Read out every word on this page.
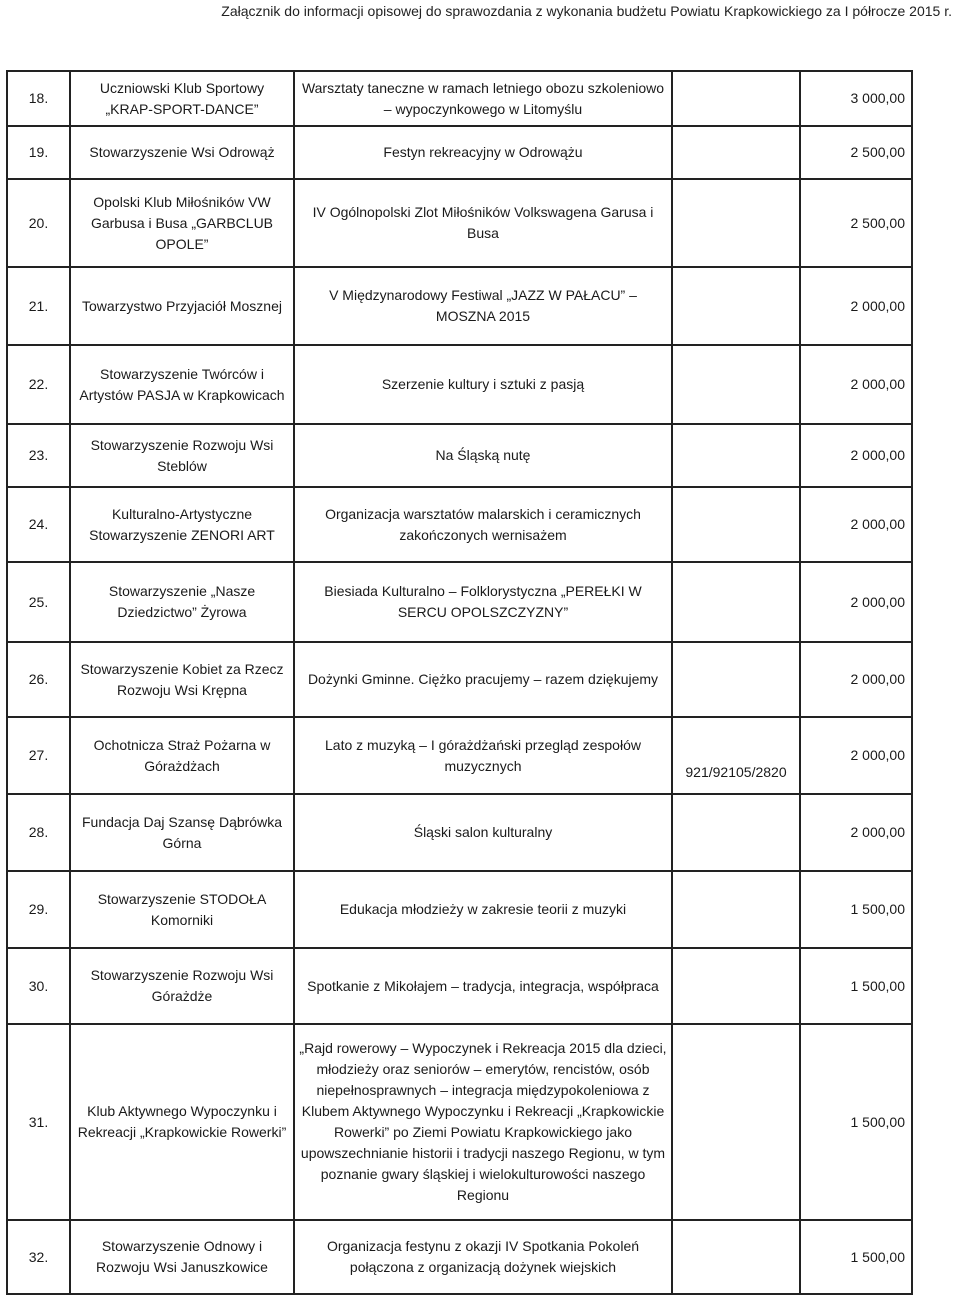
Załącznik do informacji opisowej do sprawozdania z wykonania budżetu Powiatu Krapkowickiego za I półrocze 2015 r.
18.	Uczniowski Klub Sportowy „KRAP-SPORT-DANCE”	Warsztaty taneczne w ramach letniego obozu szkoleniowo – wypoczynkowego w Litomyślu		3 000,00
19.	Stowarzyszenie Wsi Odrowąż	Festyn rekreacyjny w Odrowążu		2 500,00
20.	Opolski Klub Miłośników VW Garbusa i Busa „GARBCLUB OPOLE”	IV Ogólnopolski Zlot Miłośników Volkswagena Garusa i Busa		2 500,00
21.	Towarzystwo Przyjaciół Mosznej	V Międzynarodowy Festiwal „JAZZ W PAŁACU” – MOSZNA 2015		2 000,00
22.	Stowarzyszenie Twórców i Artystów PASJA w Krapkowicach	Szerzenie kultury i sztuki z pasją		2 000,00
23.	Stowarzyszenie Rozwoju Wsi Steblów	Na Śląską nutę		2 000,00
24.	Kulturalno-Artystyczne Stowarzyszenie ZENORI ART	Organizacja warsztatów malarskich i ceramicznych zakończonych wernisażem		2 000,00
25.	Stowarzyszenie „Nasze Dziedzictwo” Żyrowa	Biesiada Kulturalno – Folklorystyczna „PEREŁKI W SERCU OPOLSZCZYZNY”		2 000,00
26.	Stowarzyszenie Kobiet za Rzecz Rozwoju Wsi Krępna	Dożynki Gminne. Ciężko pracujemy – razem dziękujemy		2 000,00
27.	Ochotnicza Straż Pożarna w Górażdżach	Lato z muzyką – I górażdżański przegląd zespołów muzycznych	921/92105/2820	2 000,00
28.	Fundacja Daj Szansę Dąbrówka Górna	Śląski salon kulturalny		2 000,00
29.	Stowarzyszenie STODOŁA Komorniki	Edukacja młodzieży w zakresie teorii z muzyki		1 500,00
30.	Stowarzyszenie Rozwoju Wsi Górażdże	Spotkanie z Mikołajem – tradycja, integracja, współpraca		1 500,00
31.	Klub Aktywnego Wypoczynku i Rekreacji „Krapkowickie Rowerki”	„Rajd rowerowy – Wypoczynek i Rekreacja 2015 dla dzieci, młodzieży oraz seniorów – emerytów, rencistów, osób niepełnosprawnych – integracja międzypokoleniowa z Klubem Aktywnego Wypoczynku i Rekreacji „Krapkowickie Rowerki” po Ziemi Powiatu Krapkowickiego jako upowszechnianie historii i tradycji naszego Regionu, w tym poznanie gwary śląskiej i wielokulturowości naszego Regionu		1 500,00
32.	Stowarzyszenie Odnowy i Rozwoju Wsi Januszkowice	Organizacja festynu z okazji IV Spotkania Pokoleń połączona z organizacją dożynek wiejskich		1 500,00
